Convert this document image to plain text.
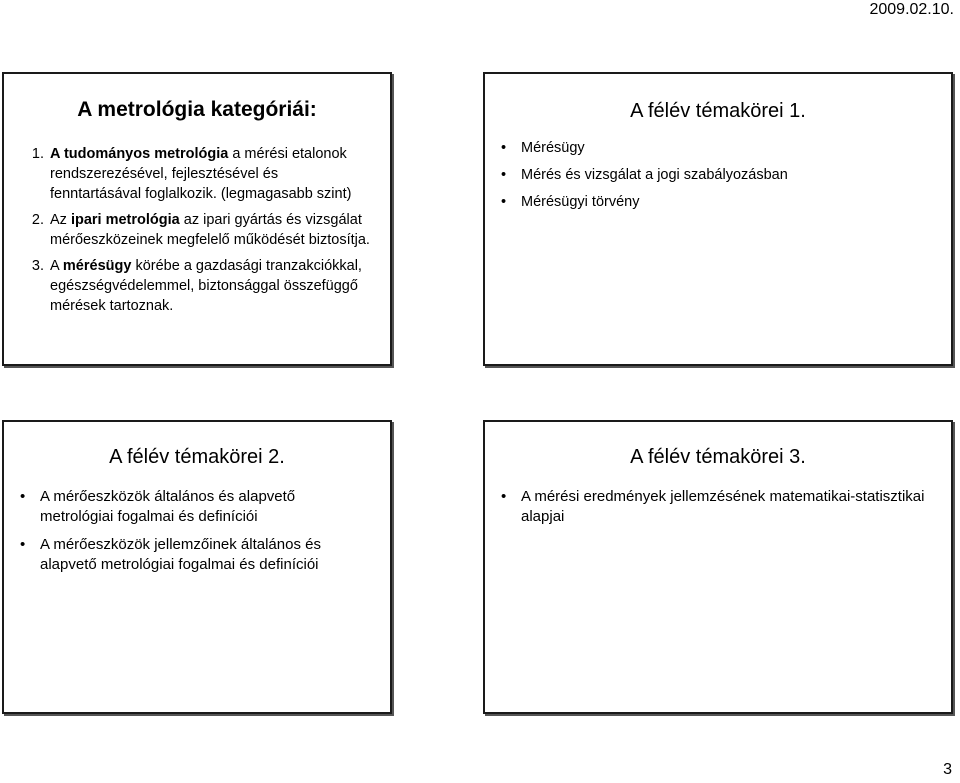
2009.02.10.
A metrológia kategóriái:
1. A tudományos metrológia a mérési etalonok rendszerezésével, fejlesztésével és fenntartásával foglalkozik. (legmagasabb szint)
2. Az ipari metrológia az ipari gyártás és vizsgálat mérőeszközeinek megfelelő működését biztosítja.
3. A mérésügy körébe a gazdasági tranzakciókkal, egészségvédelemmel, biztonsággal összefüggő mérések tartoznak.
A félév témakörei 1.
• Mérésügy
• Mérés és vizsgálat a jogi szabályozásban
• Mérésügyi törvény
A félév témakörei 2.
• A mérőeszközök általános és alapvető metrológiai fogalmai és definíciói
• A mérőeszközök jellemzőinek általános és alapvető metrológiai fogalmai és definíciói
A félév témakörei 3.
• A mérési eredmények jellemzésének matematikai-statisztikai alapjai
3
